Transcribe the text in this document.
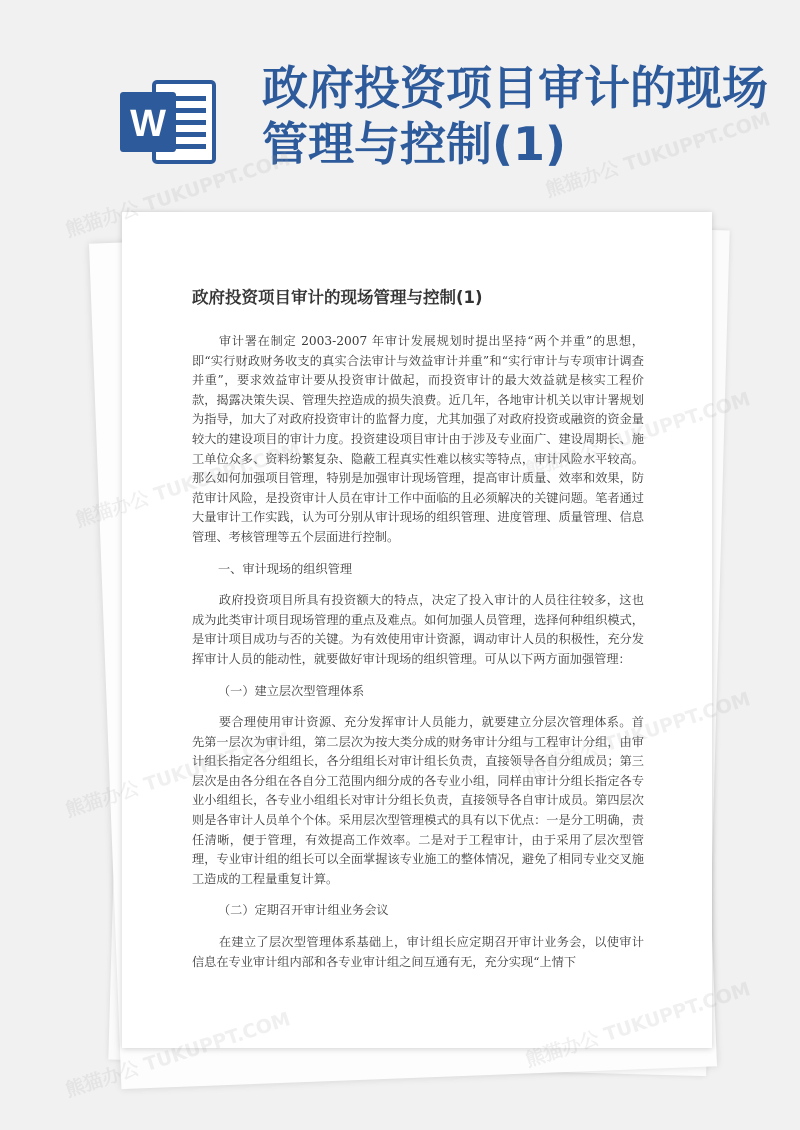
W
政府投资项目审计的现场管理与控制(1)
政府投资项目审计的现场管理与控制(1)

审计署在制定 2003-2007 年审计发展规划时提出坚持“两个并重”的思想，即“实行财政财务收支的真实合法审计与效益审计并重”和“实行审计与专项审计调查并重”，要求效益审计要从投资审计做起，而投资审计的最大效益就是核实工程价款，揭露决策失误、管理失控造成的损失浪费。近几年，各地审计机关以审计署规划为指导，加大了对政府投资审计的监督力度，尤其加强了对政府投资或融资的资金量较大的建设项目的审计力度。投资建设项目审计由于涉及专业面广、建设周期长、施工单位众多、资料纷繁复杂、隐蔽工程真实性难以核实等特点，审计风险水平较高。那么如何加强项目管理，特别是加强审计现场管理，提高审计质量、效率和效果，防范审计风险，是投资审计人员在审计工作中面临的且必须解决的关键问题。笔者通过大量审计工作实践，认为可分别从审计现场的组织管理、进度管理、质量管理、信息管理、考核管理等五个层面进行控制。

一、审计现场的组织管理

政府投资项目所具有投资额大的特点，决定了投入审计的人员往往较多，这也成为此类审计项目现场管理的重点及难点。如何加强人员管理，选择何种组织模式，是审计项目成功与否的关键。为有效使用审计资源，调动审计人员的积极性，充分发挥审计人员的能动性，就要做好审计现场的组织管理。可从以下两方面加强管理：

（一）建立层次型管理体系

要合理使用审计资源、充分发挥审计人员能力，就要建立分层次管理体系。首先第一层次为审计组，第二层次为按大类分成的财务审计分组与工程审计分组，由审计组长指定各分组组长，各分组组长对审计组长负责，直接领导各自分组成员；第三层次是由各分组在各自分工范围内细分成的各专业小组，同样由审计分组长指定各专业小组组长，各专业小组组长对审计分组长负责，直接领导各自审计成员。第四层次则是各审计人员单个个体。采用层次型管理模式的具有以下优点：一是分工明确，责任清晰，便于管理，有效提高工作效率。二是对于工程审计，由于采用了层次型管理，专业审计组的组长可以全面掌握该专业施工的整体情况，避免了相同专业交叉施工造成的工程量重复计算。

（二）定期召开审计组业务会议

在建立了层次型管理体系基础上，审计组长应定期召开审计业务会，以使审计信息在专业审计组内部和各专业审计组之间互通有无，充分实现“上情下

熊猫办公 TUKUPPT.COM	熊猫办公 TUKUPPT.COM
熊猫办公
熊猫办公
